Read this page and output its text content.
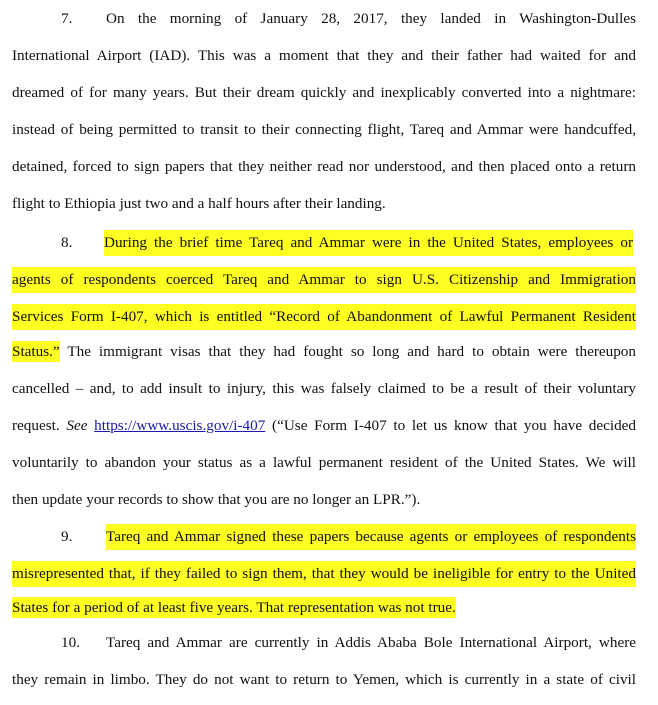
7. On the morning of January 28, 2017, they landed in Washington-Dulles

International Airport (IAD). This was a moment that they and their father had waited for and

dreamed of for many years. But their dream quickly and inexplicably converted into a nightmare:

instead of being permitted to transit to their connecting flight, Tareq and Ammar were handcuffed,

detained, forced to sign papers that they neither read nor understood, and then placed onto a return

flight to Ethiopia just two and a half hours after their landing.

8. During the brief time Tareq and Ammar were in the United States, employees or

agents of respondents coerced Tareq and Ammar to sign U.S. Citizenship and Immigration

Services Form I-407, which is entitled “Record of Abandonment of Lawful Permanent Resident

Status.” The immigrant visas that they had fought so long and hard to obtain were thereupon

cancelled – and, to add insult to injury, this was falsely claimed to be a result of their voluntary

request. See https://www.uscis.gov/i-407 (“Use Form I-407 to let us know that you have decided

voluntarily to abandon your status as a lawful permanent resident of the United States. We will

then update your records to show that you are no longer an LPR.”).

9. Tareq and Ammar signed these papers because agents or employees of respondents

misrepresented that, if they failed to sign them, that they would be ineligible for entry to the United

States for a period of at least five years. That representation was not true.

10. Tareq and Ammar are currently in Addis Ababa Bole International Airport, where

they remain in limbo. They do not want to return to Yemen, which is currently in a state of civil
